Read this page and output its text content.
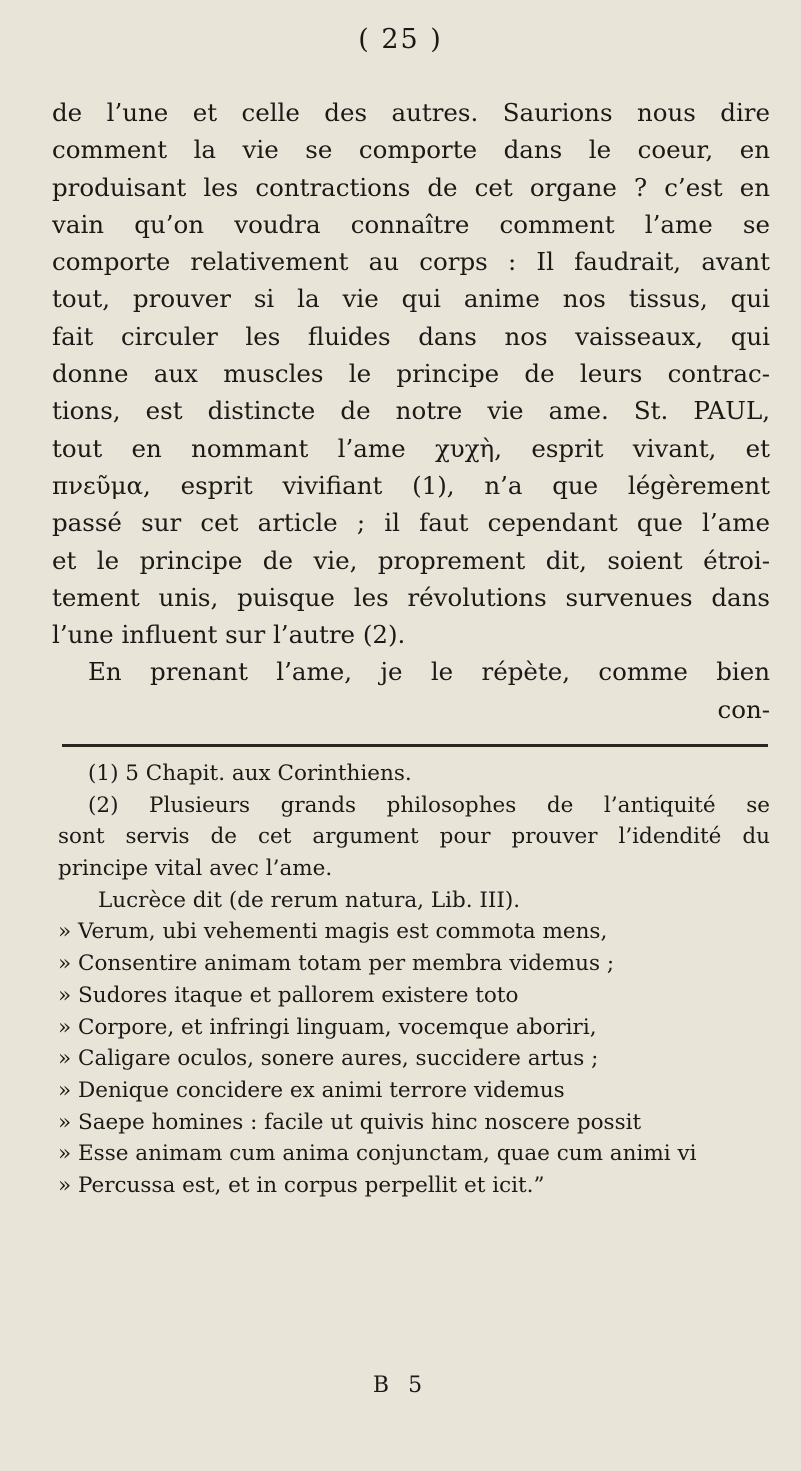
( 25 )
de l’une et celle des autres. Saurions nous dire
comment la vie se comporte dans le coeur, en
produisant les contractions de cet organe ? c’est en
vain qu’on voudra connaître comment l’ame se
comporte relativement au corps : Il faudrait, avant
tout, prouver si la vie qui anime nos tissus, qui
fait circuler les fluides dans nos vaisseaux, qui
donne aux muscles le principe de leurs contrac-
tions, est distincte de notre vie ame. St. PAUL,
tout en nommant l’ame χυχὴ, esprit vivant, et
πνεῦμα, esprit vivifiant (1), n’a que légèrement
passé sur cet article ; il faut cependant que l’ame
et le principe de vie, proprement dit, soient étroi-
tement unis, puisque les révolutions survenues dans
l’une influent sur l’autre (2).
En prenant l’ame, je le répète, comme bien
con-
(1) 5 Chapit. aux Corinthiens.
(2) Plusieurs grands philosophes de l’antiquité se
sont servis de cet argument pour prouver l’idendité du
principe vital avec l’ame.
Lucrèce dit (de rerum natura, Lib. III).
» Verum, ubi vehementi magis est commota mens,
» Consentire animam totam per membra videmus ;
» Sudores itaque et pallorem existere toto
» Corpore, et infringi linguam, vocemque aboriri,
» Caligare oculos, sonere aures, succidere artus ;
» Denique concidere ex animi terrore videmus
» Saepe homines : facile ut quivis hinc noscere possit
» Esse animam cum anima conjunctam, quae cum animi vi
» Percussa est, et in corpus perpellit et icit.”
B 5
